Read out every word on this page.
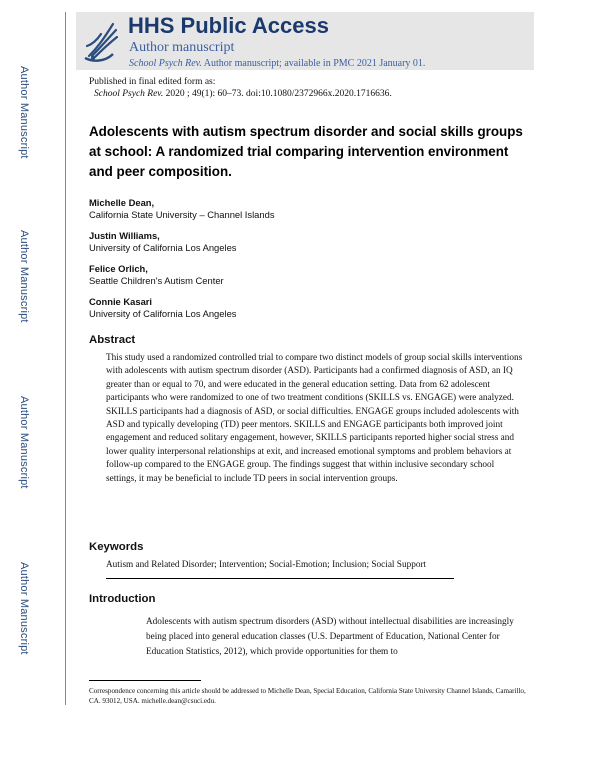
Author Manuscript
Author Manuscript
Author Manuscript
Author Manuscript
HHS Public Access
Author manuscript
School Psych Rev. Author manuscript; available in PMC 2021 January 01.
Published in final edited form as:
School Psych Rev. 2020 ; 49(1): 60–73. doi:10.1080/2372966x.2020.1716636.
Adolescents with autism spectrum disorder and social skills groups at school: A randomized trial comparing intervention environment and peer composition.
Michelle Dean,
California State University – Channel Islands
Justin Williams,
University of California Los Angeles
Felice Orlich,
Seattle Children's Autism Center
Connie Kasari
University of California Los Angeles
Abstract
This study used a randomized controlled trial to compare two distinct models of group social skills interventions with adolescents with autism spectrum disorder (ASD). Participants had a confirmed diagnosis of ASD, an IQ greater than or equal to 70, and were educated in the general education setting. Data from 62 adolescent participants who were randomized to one of two treatment conditions (SKILLS vs. ENGAGE) were analyzed. SKILLS participants had a diagnosis of ASD, or social difficulties. ENGAGE groups included adolescents with ASD and typically developing (TD) peer mentors. SKILLS and ENGAGE participants both improved joint engagement and reduced solitary engagement, however, SKILLS participants reported higher social stress and lower quality interpersonal relationships at exit, and increased emotional symptoms and problem behaviors at follow-up compared to the ENGAGE group. The findings suggest that within inclusive secondary school settings, it may be beneficial to include TD peers in social intervention groups.
Keywords
Autism and Related Disorder; Intervention; Social-Emotion; Inclusion; Social Support
Introduction
Adolescents with autism spectrum disorders (ASD) without intellectual disabilities are increasingly being placed into general education classes (U.S. Department of Education, National Center for Education Statistics, 2012), which provide opportunities for them to
Correspondence concerning this article should be addressed to Michelle Dean, Special Education, California State University Channel Islands, Camarillo, CA. 93012, USA. michelle.dean@csuci.edu.
